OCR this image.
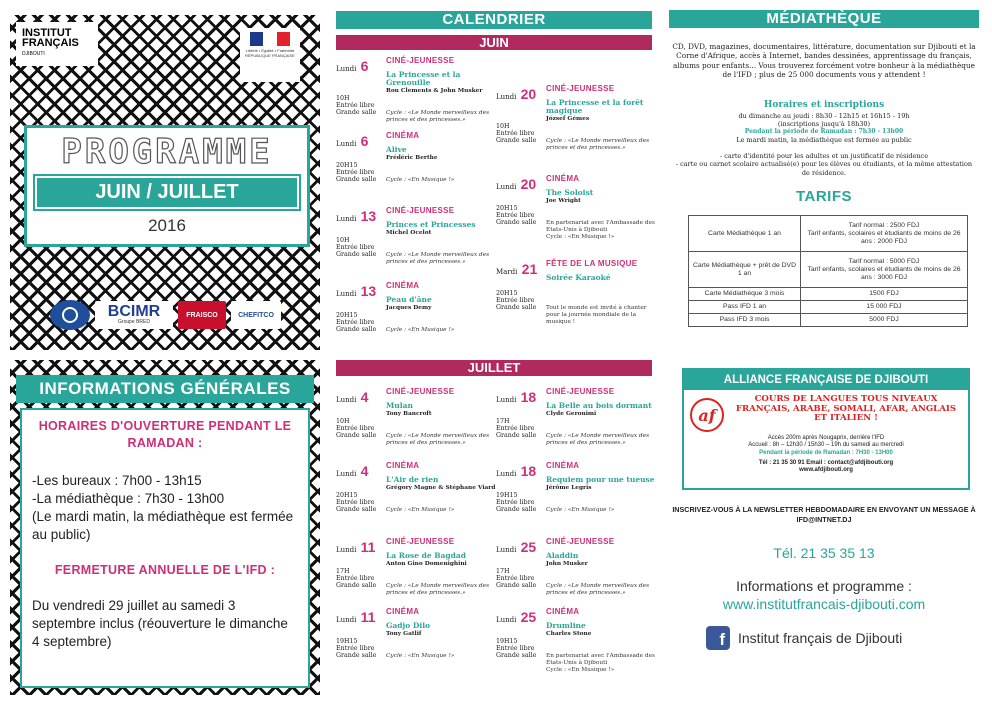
INSTITUT
FRANÇAIS
DJIBOUTI
Liberté • Égalité • Fraternité RÉPUBLIQUE FRANÇAISE
PROGRAMME
JUIN / JUILLET
2016
BCIMR
Groupe BRED
FRAISCO	CHEFITCO
INFORMATIONS GÉNÉRALES
HORAIRES D'OUVERTURE PENDANT LE RAMADAN :
-Les bureaux : 7h00 - 13h15
-La médiathèque : 7h30 - 13h00
(Le mardi matin, la médiathèque est fermée au public)
FERMETURE ANNUELLE DE L'IFD :
Du vendredi 29 juillet au samedi 3 septembre inclus (réouverture le dimanche 4 septembre)
CALENDRIER
JUIN
JUILLET
Lundi 6	CINÉ-JEUNESSE
La Princesse et la Grenouille
Ron Clements & John Musker
10H
Entrée libre
Grande salle	Cycle : «Le Monde merveilleux des princes et des princesses.»
Lundi 6	CINÉMA
Alive
Frédéric Berthe
20H15
Entrée libre
Grande salle	Cycle : «En Musique !»
Lundi 13	CINÉ-JEUNESSE
Princes et Princesses
Michel Ocelot
10H
Entrée libre
Grande salle	Cycle : «Le Monde merveilleux des princes et des princesses.»
Lundi 13	CINÉMA
Peau d'âne
Jacques Demy
20H15
Entrée libre
Grande salle	Cycle : «En Musique !»
Lundi 20	CINÉ-JEUNESSE
La Princesse et la forêt magique
József Gémes
10H
Entrée libre
Grande salle	Cycle : «Le Monde merveilleux des princes et des princesses.»
Lundi 20	CINÉMA
The Soloist
Joe Wright
20H15
Entrée libre
Grande salle	En partenariat avec l'Ambassade des États-Unis à Djibouti
Cycle : «En Musique !»
Mardi 21	FÊTE DE LA MUSIQUE
Soirée Karaoké
20H15
Entrée libre
Grande salle	Tout le monde est invité à chanter pour la journée mondiale de la musique !
Lundi 4	CINÉ-JEUNESSE
Mulan
Tony Bancroft
10H
Entrée libre
Grande salle	Cycle : «Le Monde merveilleux des princes et des princesses.»
Lundi 4	CINÉMA
L'Air de rien
Grégory Magne & Stéphane Viard
20H15
Entrée libre
Grande salle	Cycle : «En Musique !»
Lundi 11	CINÉ-JEUNESSE
La Rose de Bagdad
Anton Gino Domenighini
17H
Entrée libre
Grande salle	Cycle : «Le Monde merveilleux des princes et des princesses.»
Lundi 11	CINÉMA
Gadjo Dilo
Tony Gatlif
19H15
Entrée libre
Grande salle	Cycle : «En Musique !»
Lundi 18	CINÉ-JEUNESSE
La Belle au bois dormant
Clyde Geronimi
17H
Entrée libre
Grande salle	Cycle : «Le Monde merveilleux des princes et des princesses.»
Lundi 18	CINÉMA
Requiem pour une tueuse
Jérôme Legris
19H15
Entrée libre
Grande salle	Cycle : «En Musique !»
Lundi 25	CINÉ-JEUNESSE
Aladdin
John Musker
17H
Entrée libre
Grande salle	Cycle : «Le Monde merveilleux des princes et des princesses.»
Lundi 25	CINÉMA
Drumline
Charles Stone
19H15
Entrée libre
Grande salle	En partenariat avec l'Ambassade des États-Unis à Djibouti
Cycle : «En Musique !»
MÉDIATHÈQUE
CD, DVD, magazines, documentaires, littérature, documentation sur Djibouti et la Corne d'Afrique, accès à Internet, bandes dessinées, apprentissage du français, albums pour enfants... Vous trouverez forcément votre bonheur à la médiathèque de l'IFD ; plus de 25 000 documents vous y attendent !
Horaires et inscriptions
du dimanche au jeudi : 8h30 - 12h15 et 16h15 - 19h
(inscriptions jusqu'à 18h30)
Pendant la période de Ramadan : 7h30 - 13h00
Le mardi matin, la médiathèque est fermée au public
- carte d'identité pour les adultes et un justificatif de résidence
- carte ou carnet scolaire actualisé(e) pour les élèves ou étudiants, et la même attestation de résidence.
TARIFS
Carte Médiathèque 1 an	Tarif normal : 2500 FDJ
Tarif enfants, scolaires et étudiants de moins de 26 ans : 2000 FDJ
Carte Médiathèque + prêt de DVD 1 an	Tarif normal : 5000 FDJ
Tarif enfants, scolaires et étudiants de moins de 26 ans : 3000 FDJ
Carte Médiathèque 3 mois	1500 FDJ
Pass IFD 1 an	15 000 FDJ
Pass IFD 3 mois	5000 FDJ
ALLIANCE FRANÇAISE DE DJIBOUTI
af
COURS DE LANGUES TOUS NIVEAUX FRANÇAIS, ARABE, SOMALI, AFAR, ANGLAIS ET ITALIEN !
Accès 200m après Nougaprix, derrière l'IFD
Accueil : 8h – 12h30 / 15h30 – 19h du samedi au mercredi
Pendant la période de Ramadan : 7H30 - 13H00
Tél : 21 35 30 91 Email : contact@afdjibouti.org
www.afdjibouti.org
INSCRIVEZ-VOUS À LA NEWSLETTER HEBDOMADAIRE EN ENVOYANT UN MESSAGE À IFD@INTNET.DJ
Tél. 21 35 35 13
Informations et programme :
www.institutfrancais-djibouti.com
f Institut français de Djibouti
